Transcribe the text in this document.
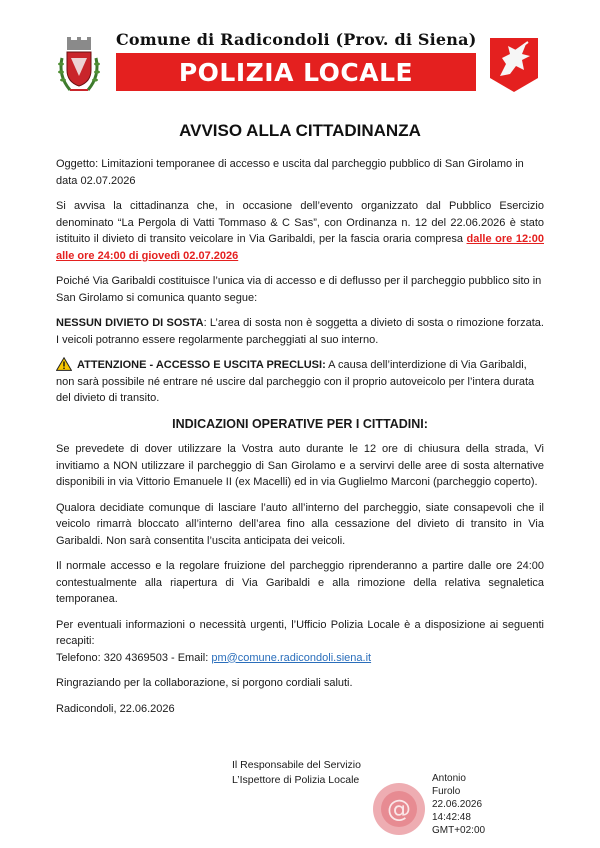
Comune di Radicondoli (Prov. di Siena)
POLIZIA LOCALE
AVVISO ALLA CITTADINANZA

Oggetto: Limitazioni temporanee di accesso e uscita dal parcheggio pubblico di San Girolamo in data 02.07.2026

Si avvisa la cittadinanza che, in occasione dell’evento organizzato dal Pubblico Esercizio denominato “La Pergola di Vatti Tommaso & C Sas”, con Ordinanza n. 12 del 22.06.2026 è stato istituito il divieto di transito veicolare in Via Garibaldi, per la fascia oraria compresa dalle ore 12:00 alle ore 24:00 di giovedì 02.07.2026

Poiché Via Garibaldi costituisce l’unica via di accesso e di deflusso per il parcheggio pubblico sito in San Girolamo si comunica quanto segue:

NESSUN DIVIETO DI SOSTA: L’area di sosta non è soggetta a divieto di sosta o rimozione forzata. I veicoli potranno essere regolarmente parcheggiati al suo interno.

ATTENZIONE - ACCESSO E USCITA PRECLUSI: A causa dell’interdizione di Via Garibaldi, non sarà possibile né entrare né uscire dal parcheggio con il proprio autoveicolo per l’intera durata del divieto di transito.

INDICAZIONI OPERATIVE PER I CITTADINI:

Se prevedete di dover utilizzare la Vostra auto durante le 12 ore di chiusura della strada, Vi invitiamo a NON utilizzare il parcheggio di San Girolamo e a servirvi delle aree di sosta alternative disponibili in via Vittorio Emanuele II (ex Macelli) ed in via Guglielmo Marconi (parcheggio coperto).

Qualora decidiate comunque di lasciare l’auto all’interno del parcheggio, siate consapevoli che il veicolo rimarrà bloccato all’interno dell’area fino alla cessazione del divieto di transito in Via Garibaldi. Non sarà consentita l’uscita anticipata dei veicoli.

Il normale accesso e la regolare fruizione del parcheggio riprenderanno a partire dalle ore 24:00 contestualmente alla riapertura di Via Garibaldi e alla rimozione della relativa segnaletica temporanea.

Per eventuali informazioni o necessità urgenti, l’Ufficio Polizia Locale è a disposizione ai seguenti recapiti:
Telefono: 320 4369503 - Email: pm@comune.radicondoli.siena.it

Ringraziando per la collaborazione, si porgono cordiali saluti.

Radicondoli, 22.06.2026

Il Responsabile del Servizio
L’Ispettore di Polizia Locale
@
Antonio
Furolo
22.06.2026
14:42:48
GMT+02:00
